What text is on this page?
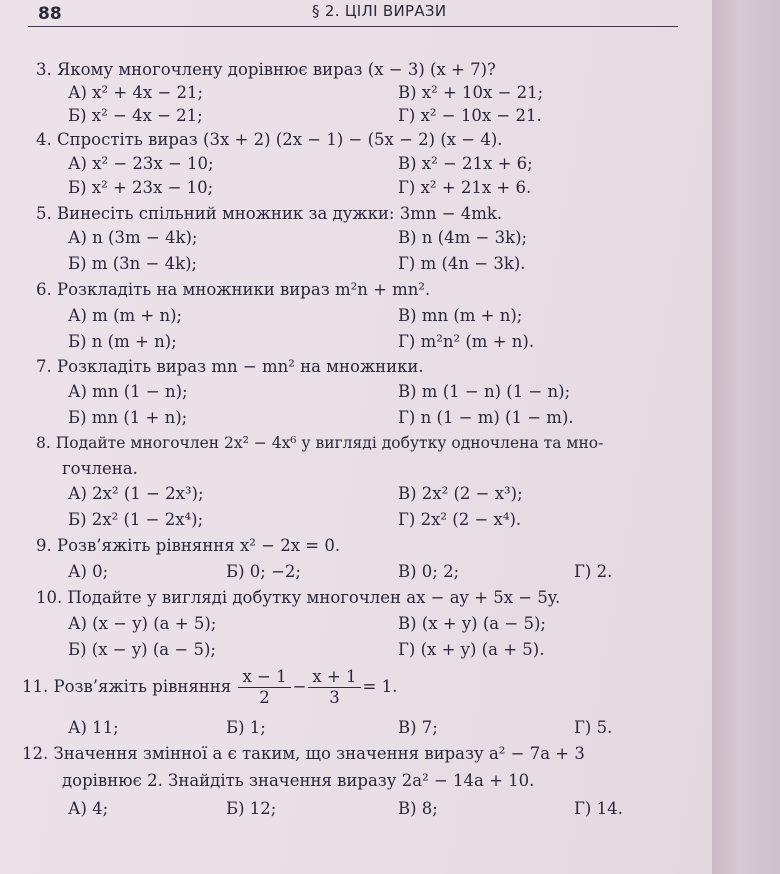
88	§ 2. ЦІЛІ ВИРАЗИ
3. Якому многочлену дорівнює вираз (x − 3) (x + 7)?
А) x² + 4x − 21;	В) x² + 10x − 21;
Б) x² − 4x − 21;	Г) x² − 10x − 21.
4. Спростіть вираз (3x + 2) (2x − 1) − (5x − 2) (x − 4).
А) x² − 23x − 10;	В) x² − 21x + 6;
Б) x² + 23x − 10;	Г) x² + 21x + 6.
5. Винесіть спільний множник за дужки: 3mn − 4mk.
А) n (3m − 4k);	В) n (4m − 3k);
Б) m (3n − 4k);	Г) m (4n − 3k).
6. Розкладіть на множники вираз m²n + mn².
А) m (m + n);	В) mn (m + n);
Б) n (m + n);	Г) m²n² (m + n).
7. Розкладіть вираз mn − mn² на множники.
А) mn (1 − n);	В) m (1 − n) (1 − n);
Б) mn (1 + n);	Г) n (1 − m) (1 − m).
8. Подайте многочлен 2x² − 4x⁶ у вигляді добутку одночлена та мно-
гочлена.
А) 2x² (1 − 2x³);	В) 2x² (2 − x³);
Б) 2x² (1 − 2x⁴);	Г) 2x² (2 − x⁴).
9. Розв’яжіть рівняння x² − 2x = 0.
А) 0;	Б) 0; −2;	В) 0; 2;	Г) 2.
10. Подайте у вигляді добутку многочлен ax − ay + 5x − 5y.
А) (x − y) (a + 5);	В) (x + y) (a − 5);
Б) (x − y) (a − 5);	Г) (x + y) (a + 5).
11. Розв’яжіть рівняння $\frac{x - 1}{2} - \frac{x + 1}{3} = 1$.
А) 11;	Б) 1;	В) 7;	Г) 5.
12. Значення змінної a є таким, що значення виразу a² − 7a + 3
дорівнює 2. Знайдіть значення виразу 2a² − 14a + 10.
А) 4;	Б) 12;	В) 8;	Г) 14.
